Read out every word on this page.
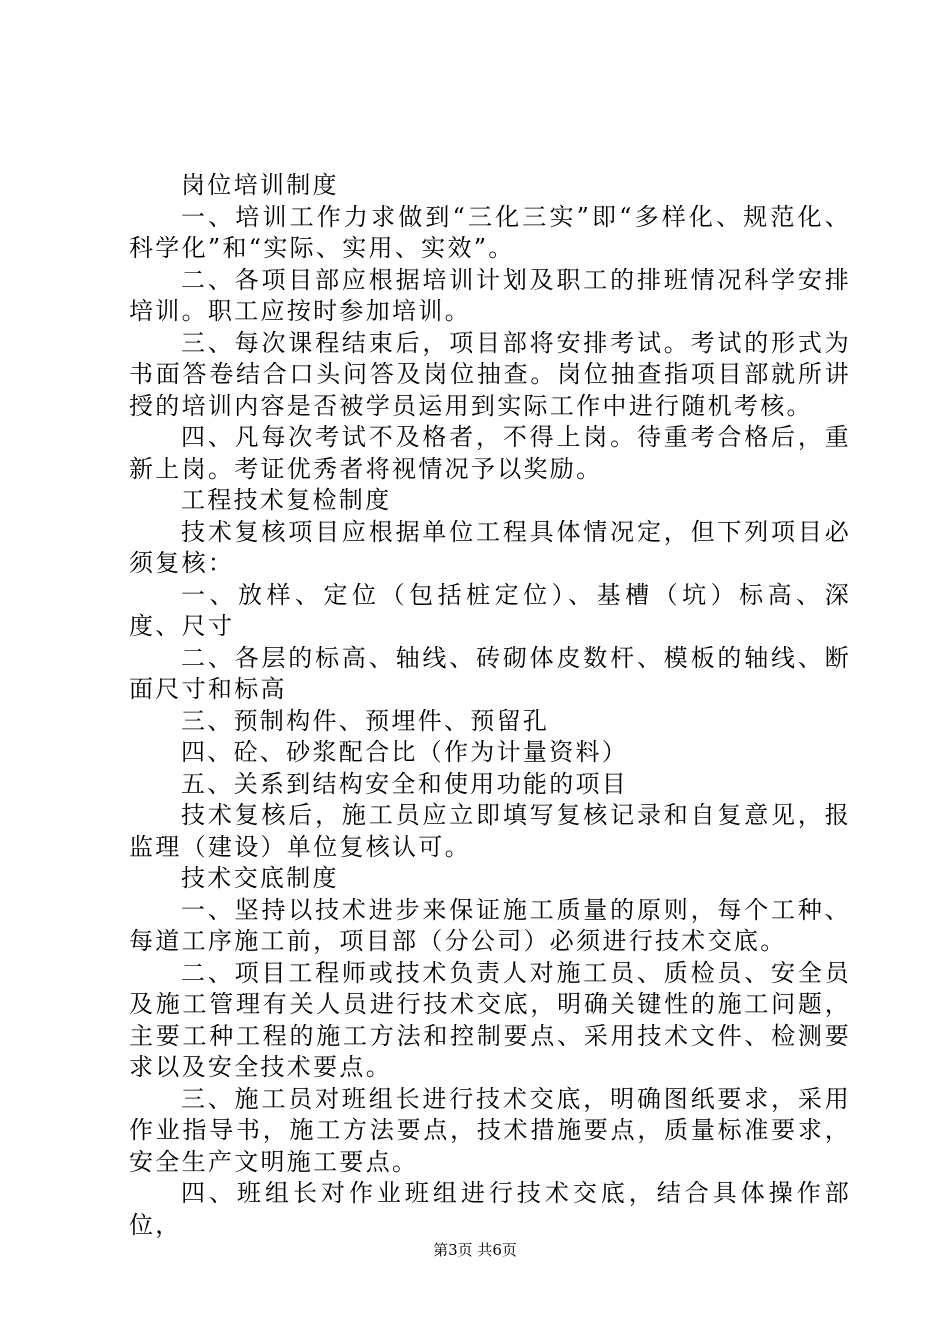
岗位培训制度

一、培训工作力求做到“三化三实”即“多样化、规范化、科学化”和“实际、实用、实效”。

二、各项目部应根据培训计划及职工的排班情况科学安排培训。职工应按时参加培训。

三、每次课程结束后，项目部将安排考试。考试的形式为书面答卷结合口头问答及岗位抽查。岗位抽查指项目部就所讲授的培训内容是否被学员运用到实际工作中进行随机考核。

四、凡每次考试不及格者，不得上岗。待重考合格后，重新上岗。考证优秀者将视情况予以奖励。

工程技术复检制度

技术复核项目应根据单位工程具体情况定，但下列项目必须复核：

一、放样、定位（包括桩定位）、基槽（坑）标高、深度、尺寸

二、各层的标高、轴线、砖砌体皮数杆、模板的轴线、断面尺寸和标高

三、预制构件、预埋件、预留孔

四、砼、砂浆配合比（作为计量资料）

五、关系到结构安全和使用功能的项目

技术复核后，施工员应立即填写复核记录和自复意见，报监理（建设）单位复核认可。

技术交底制度

一、坚持以技术进步来保证施工质量的原则，每个工种、每道工序施工前，项目部（分公司）必须进行技术交底。

二、项目工程师或技术负责人对施工员、质检员、安全员及施工管理有关人员进行技术交底，明确关键性的施工问题，主要工种工程的施工方法和控制要点、采用技术文件、检测要求以及安全技术要点。

三、施工员对班组长进行技术交底，明确图纸要求，采用作业指导书，施工方法要点，技术措施要点，质量标准要求，安全生产文明施工要点。

四、班组长对作业班组进行技术交底，结合具体操作部位，

第3页 共6页
